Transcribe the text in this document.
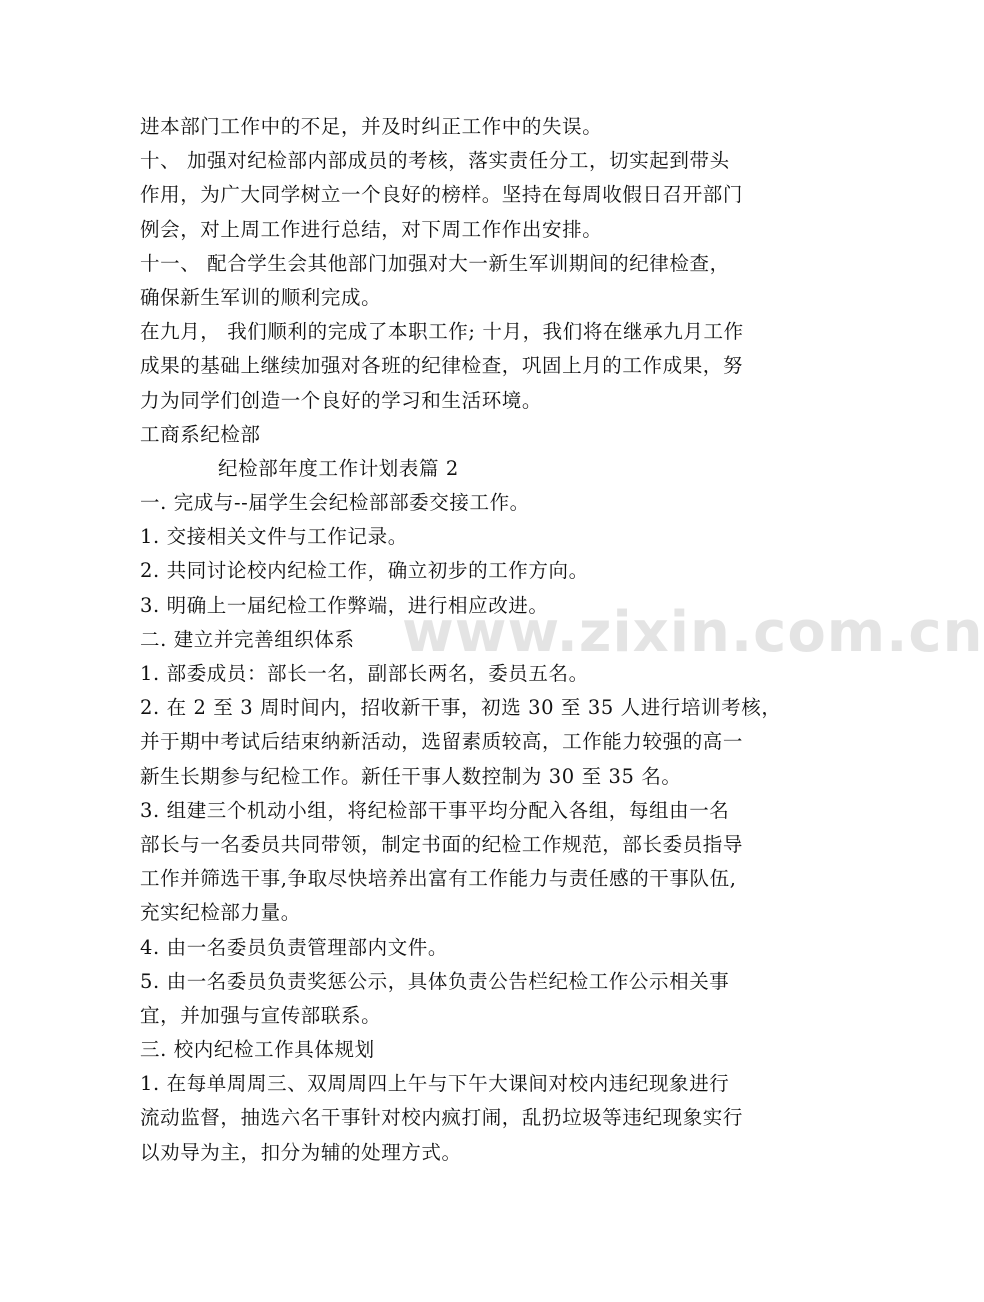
进本部门工作中的不足，并及时纠正工作中的失误。
十、 加强对纪检部内部成员的考核，落实责任分工，切实起到带头
作用，为广大同学树立一个良好的榜样。坚持在每周收假日召开部门
例会，对上周工作进行总结，对下周工作作出安排。
十一、 配合学生会其他部门加强对大一新生军训期间的纪律检查，
确保新生军训的顺利完成。
在九月， 我们顺利的完成了本职工作; 十月，我们将在继承九月工作
成果的基础上继续加强对各班的纪律检查，巩固上月的工作成果，努
力为同学们创造一个良好的学习和生活环境。
工商系纪检部
纪检部年度工作计划表篇 2
一. 完成与--届学生会纪检部部委交接工作。
1. 交接相关文件与工作记录。
2. 共同讨论校内纪检工作，确立初步的工作方向。
3. 明确上一届纪检工作弊端，进行相应改进。
二. 建立并完善组织体系
1. 部委成员：部长一名，副部长两名，委员五名。
2. 在 2 至 3 周时间内，招收新干事，初选 30 至 35 人进行培训考核，
并于期中考试后结束纳新活动，选留素质较高，工作能力较强的高一
新生长期参与纪检工作。新任干事人数控制为 30 至 35 名。
3. 组建三个机动小组，将纪检部干事平均分配入各组，每组由一名
部长与一名委员共同带领，制定书面的纪检工作规范，部长委员指导
工作并筛选干事,争取尽快培养出富有工作能力与责任感的干事队伍,
充实纪检部力量。
4. 由一名委员负责管理部内文件。
5. 由一名委员负责奖惩公示，具体负责公告栏纪检工作公示相关事
宜，并加强与宣传部联系。
三. 校内纪检工作具体规划
1. 在每单周周三、双周周四上午与下午大课间对校内违纪现象进行
流动监督，抽选六名干事针对校内疯打闹，乱扔垃圾等违纪现象实行
以劝导为主，扣分为辅的处理方式。
www.zixin.com.cn
